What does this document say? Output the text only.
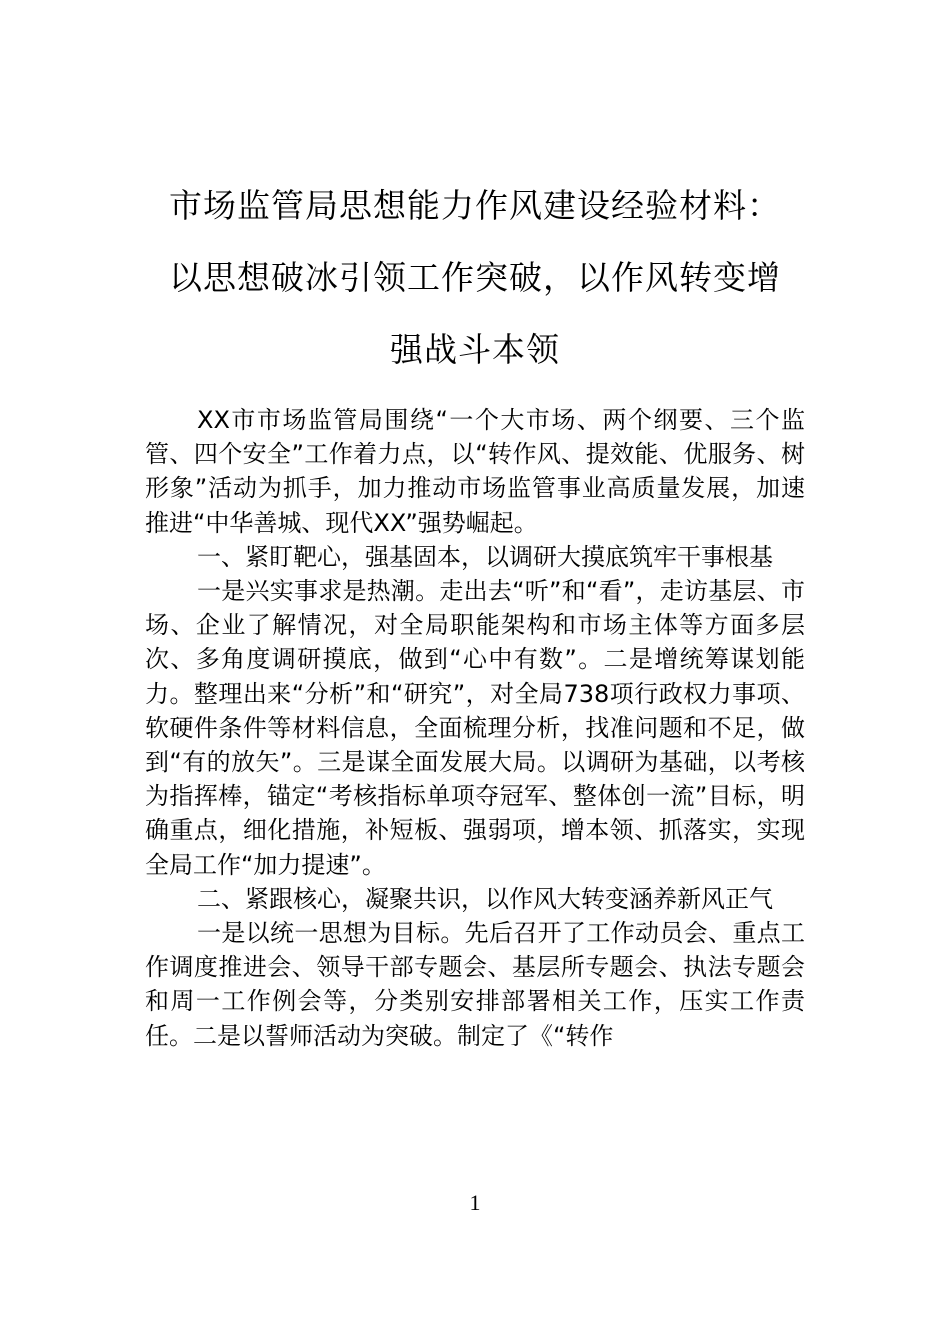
市场监管局思想能力作风建设经验材料：
以思想破冰引领工作突破，以作风转变增
强战斗本领

XX市市场监管局围绕“一个大市场、两个纲要、三个监管、四个安全”工作着力点，以“转作风、提效能、优服务、树形象”活动为抓手，加力推动市场监管事业高质量发展，加速推进“中华善城、现代XX”强势崛起。

一、紧盯靶心，强基固本，以调研大摸底筑牢干事根基

一是兴实事求是热潮。走出去“听”和“看”，走访基层、市场、企业了解情况，对全局职能架构和市场主体等方面多层次、多角度调研摸底，做到“心中有数”。二是增统筹谋划能力。整理出来“分析”和“研究”，对全局738项行政权力事项、软硬件条件等材料信息，全面梳理分析，找准问题和不足，做到“有的放矢”。三是谋全面发展大局。以调研为基础，以考核为指挥棒，锚定“考核指标单项夺冠军、整体创一流”目标，明确重点，细化措施，补短板、强弱项，增本领、抓落实，实现全局工作“加力提速”。

二、紧跟核心，凝聚共识，以作风大转变涵养新风正气

一是以统一思想为目标。先后召开了工作动员会、重点工作调度推进会、领导干部专题会、基层所专题会、执法专题会和周一工作例会等，分类别安排部署相关工作，压实工作责任。二是以誓师活动为突破。制定了《“转作

1
